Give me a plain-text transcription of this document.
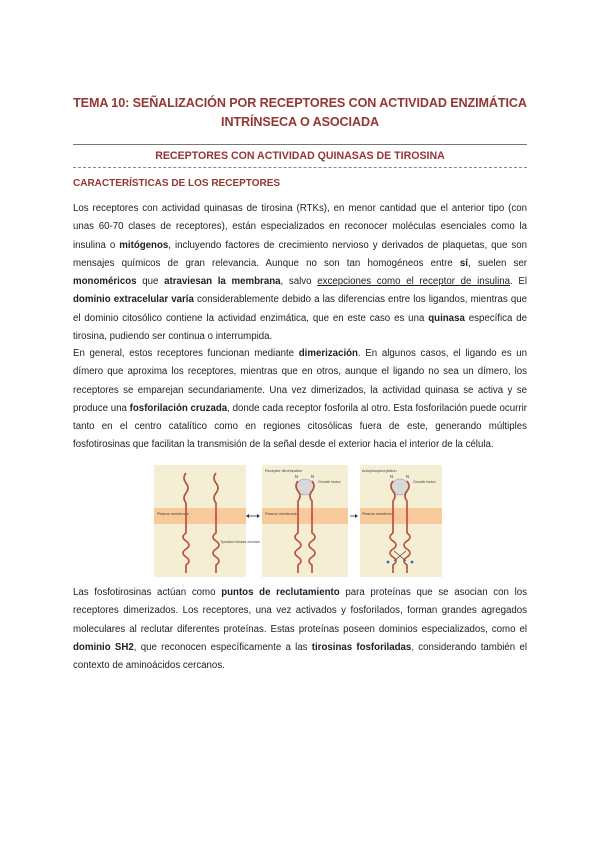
TEMA 10: SEÑALIZACIÓN POR RECEPTORES CON ACTIVIDAD ENZIMÁTICA
INTRÍNSECA O ASOCIADA
RECEPTORES CON ACTIVIDAD QUINASAS DE TIROSINA
CARACTERÍSTICAS DE LOS RECEPTORES

Los receptores con actividad quinasas de tirosina (RTKs), en menor cantidad que el anterior tipo (con unas 60-70 clases de receptores), están especializados en reconocer moléculas esenciales como la insulina o mitógenos, incluyendo factores de crecimiento nervioso y derivados de plaquetas, que son mensajes químicos de gran relevancia. Aunque no son tan homogéneos entre sí, suelen ser monoméricos que atraviesan la membrana, salvo excepciones como el receptor de insulina. El dominio extracelular varía considerablemente debido a las diferencias entre los ligandos, mientras que el dominio citosólico contiene la actividad enzimática, que en este caso es una quinasa específica de tirosina, pudiendo ser continua o interrumpida.

En general, estos receptores funcionan mediante dimerización. En algunos casos, el ligando es un dímero que aproxima los receptores, mientras que en otros, aunque el ligando no sea un dímero, los receptores se emparejan secundariamente. Una vez dimerizados, la actividad quinasa se activa y se produce una fosforilación cruzada, donde cada receptor fosforila al otro. Esta fosforilación puede ocurrir tanto en el centro catalítico como en regiones citosólicas fuera de este, generando múltiples fosfotirosinas que facilitan la transmisión de la señal desde el exterior hacia el interior de la célula.

Plasma membrane
Tyrosine kinase domain
Receptor dimerization
Plasma membrane
Growth factor
N	N
Autophosphorylation
Plasma membrane
Growth factor
N	N

Las fosfotirosinas actúan como puntos de reclutamiento para proteínas que se asocian con los receptores dimerizados. Los receptores, una vez activados y fosforilados, forman grandes agregados moleculares al reclutar diferentes proteínas. Estas proteínas poseen dominios especializados, como el dominio SH2, que reconocen específicamente a las tirosinas fosforiladas, considerando también el contexto de aminoácidos cercanos.
